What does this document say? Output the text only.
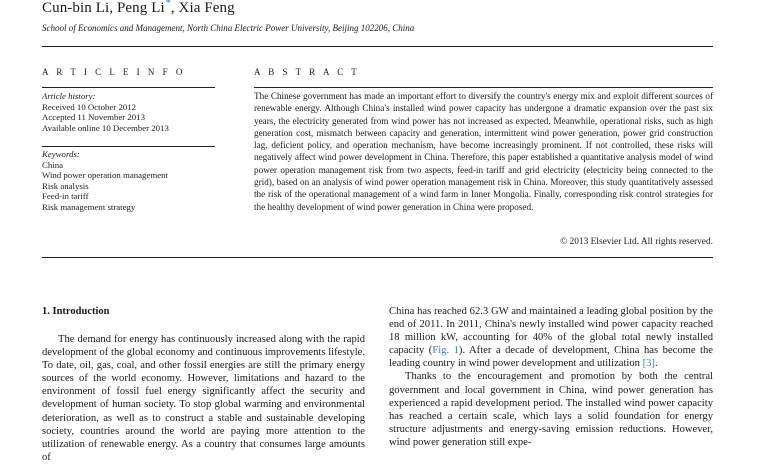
Cun-bin Li, Peng Li*, Xia Feng
School of Economics and Management, North China Electric Power University, Beijing 102206, China
A R T I C L E I N F O
Article history:
Received 10 October 2012
Accepted 11 November 2013
Available online 10 December 2013
Keywords:
China
Wind power operation management
Risk analysis
Feed-in tariff
Risk management strategy
A B S T R A C T
The Chinese government has made an important effort to diversify the country's energy mix and exploit different sources of renewable energy. Although China's installed wind power capacity has undergone a dramatic expansion over the past six years, the electricity generated from wind power has not increased as expected. Meanwhile, operational risks, such as high generation cost, mismatch between capacity and generation, intermittent wind power generation, power grid construction lag, deficient policy, and operation mechanism, have become increasingly prominent. If not controlled, these risks will negatively affect wind power development in China. Therefore, this paper established a quantitative analysis model of wind power operation management risk from two aspects, feed-in tariff and grid electricity (electricity being connected to the grid), based on an analysis of wind power operation management risk in China. Moreover, this study quantitatively assessed the risk of the operational management of a wind farm in Inner Mongolia. Finally, corresponding risk control strategies for the healthy development of wind power generation in China were proposed.
© 2013 Elsevier Ltd. All rights reserved.
1. Introduction

The demand for energy has continuously increased along with the rapid development of the global economy and continuous improvements lifestyle. To date, oil, gas, coal, and other fossil energies are still the primary energy sources of the world economy. However, limitations and hazard to the environment of fossil fuel energy significantly affect the security and development of human society. To stop global warming and environmental deterioration, as well as to construct a stable and sustainable developing society, countries around the world are paying more attention to the utilization of renewable energy. As a country that consumes large amounts of

China has reached 62.3 GW and maintained a leading global position by the end of 2011. In 2011, China's newly installed wind power capacity reached 18 million kW, accounting for 40% of the global total newly installed capacity (Fig. 1). After a decade of development, China has become the leading country in wind power development and utilization [3].

Thanks to the encouragement and promotion by both the central government and local government in China, wind power generation has experienced a rapid development period. The installed wind power capacity has reached a certain scale, which lays a solid foundation for energy structure adjustments and energy-saving emission reductions. However, wind power generation still expe-
